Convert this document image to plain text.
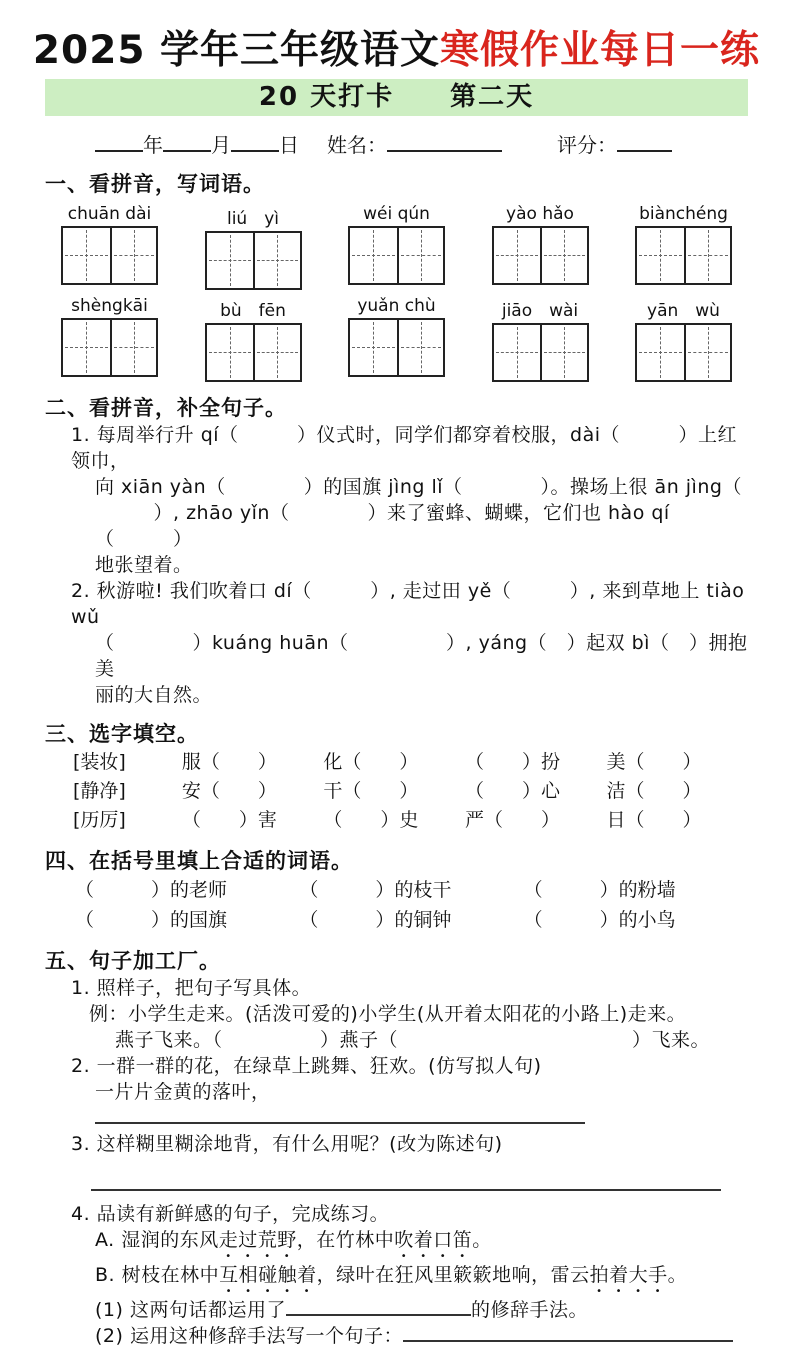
2025 学年三年级语文寒假作业每日一练
20 天打卡　　第二天
年 月 日 姓名：	评分：
一、看拼音，写词语。
chuān dài	liú　yì	wéi qún	yào hǎo	biànchéng
shèngkāi	bù　fēn	yuǎn chù	jiāo　wài	yān　wù
二、看拼音，补全句子。
1. 每周举行升 qí（　　　）仪式时，同学们都穿着校服，dài（　　　）上红领巾，
向 xiān yàn（　　　　）的国旗 jìng lǐ（　　　　）。操场上很 ān jìng（
　　　）, zhāo yǐn（　　　　）来了蜜蜂、蝴蝶，它们也 hào qí（　　　）
地张望着。
2. 秋游啦! 我们吹着口 dí（　　　）, 走过田 yě（　　　）, 来到草地上 tiào wǔ
（　　　　）kuáng huān（　　　　　）, yáng（　）起双 bì（　）拥抱美
丽的大自然。
三、选字填空。
[装妆]	服（　　）	化（　　）	（　　）扮	美（　　）
[静净]	安（　　）	干（　　）	（　　）心	洁（　　）
[历厉]	（　　）害	（　　）史	严（　　）	日（　　）
四、在括号里填上合适的词语。
（　　　）的老师	（　　　）的枝干	（　　　）的粉墙
（　　　）的国旗	（　　　）的铜钟	（　　　）的小鸟
五、句子加工厂。
1. 照样子，把句子写具体。
例：小学生走来。(活泼可爱的)小学生(从开着太阳花的小路上)走来。
燕子飞来。（　　　　　）燕子（　　　　　　　　　　　　）飞来。
2. 一群一群的花，在绿草上跳舞、狂欢。(仿写拟人句)
一片片金黄的落叶，
3. 这样糊里糊涂地背，有什么用呢？(改为陈述句)
4. 品读有新鲜感的句子，完成练习。
A. 湿润的东风走过荒野，在竹林中吹着口笛。
B. 树枝在林中互相碰触着，绿叶在狂风里簌簌地响，雷云拍着大手。
(1) 这两句话都运用了	的修辞手法。
(2) 运用这种修辞手法写一个句子：
